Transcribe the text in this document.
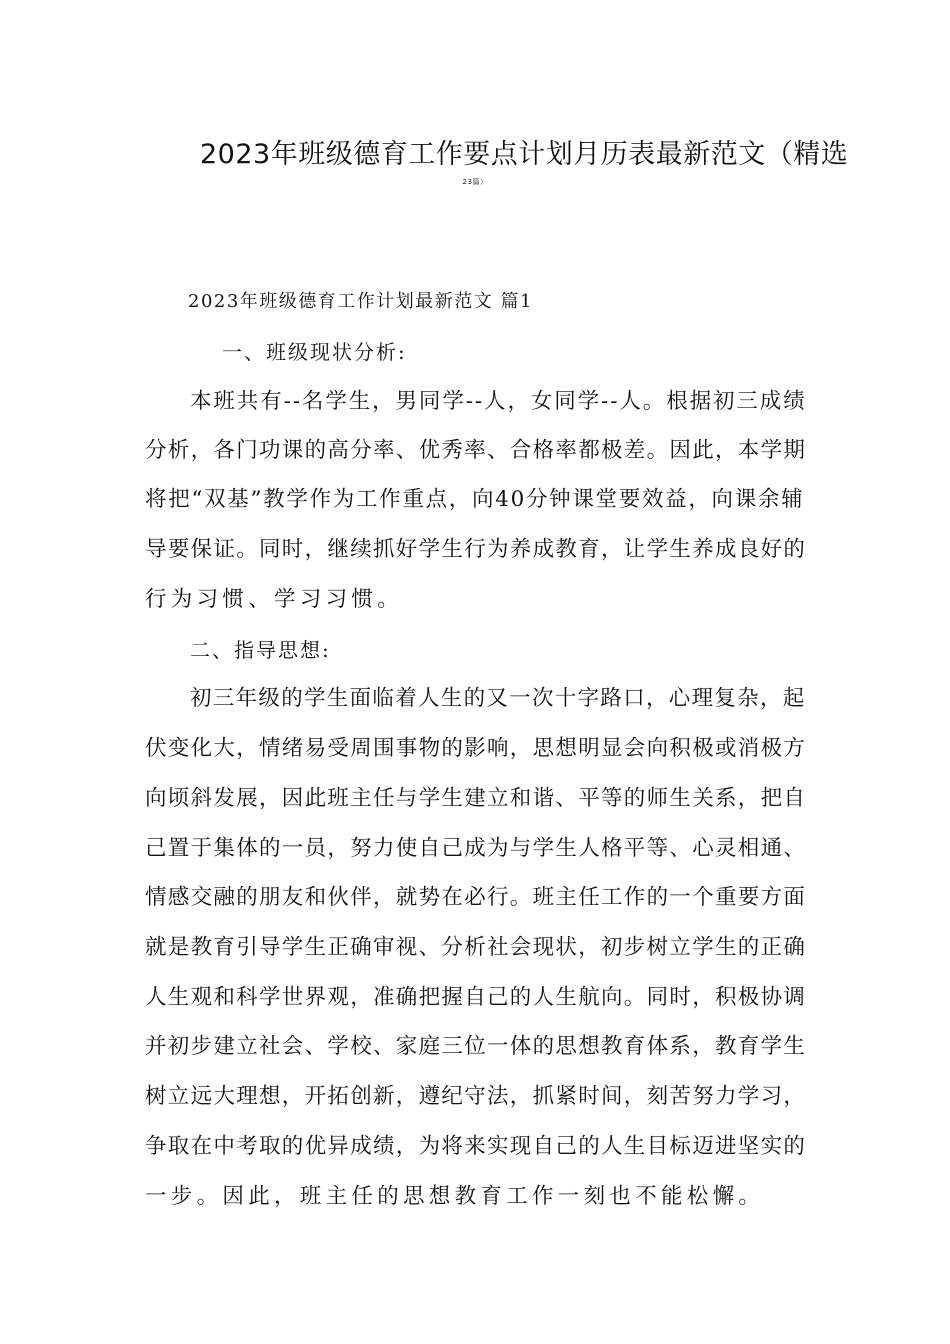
2023年班级德育工作要点计划月历表最新范文（精选
23篇）
2023年班级德育工作计划最新范文 篇1
一、班级现状分析:
本班共有--名学生，男同学--人，女同学--人。根据初三成绩
分析，各门功课的高分率、优秀率、合格率都极差。因此，本学期
将把“双基”教学作为工作重点，向40分钟课堂要效益，向课余辅
导要保证。同时，继续抓好学生行为养成教育，让学生养成良好的
行为习惯、学习习惯。
二、指导思想:
初三年级的学生面临着人生的又一次十字路口，心理复杂，起
伏变化大，情绪易受周围事物的影响，思想明显会向积极或消极方
向顷斜发展，因此班主任与学生建立和谐、平等的师生关系，把自
己置于集体的一员，努力使自己成为与学生人格平等、心灵相通、
情感交融的朋友和伙伴，就势在必行。班主任工作的一个重要方面
就是教育引导学生正确审视、分析社会现状，初步树立学生的正确
人生观和科学世界观，准确把握自己的人生航向。同时，积极协调
并初步建立社会、学校、家庭三位一体的思想教育体系，教育学生
树立远大理想，开拓创新，遵纪守法，抓紧时间，刻苦努力学习，
争取在中考取的优异成绩，为将来实现自己的人生目标迈进坚实的
一步。因此，班主任的思想教育工作一刻也不能松懈。
